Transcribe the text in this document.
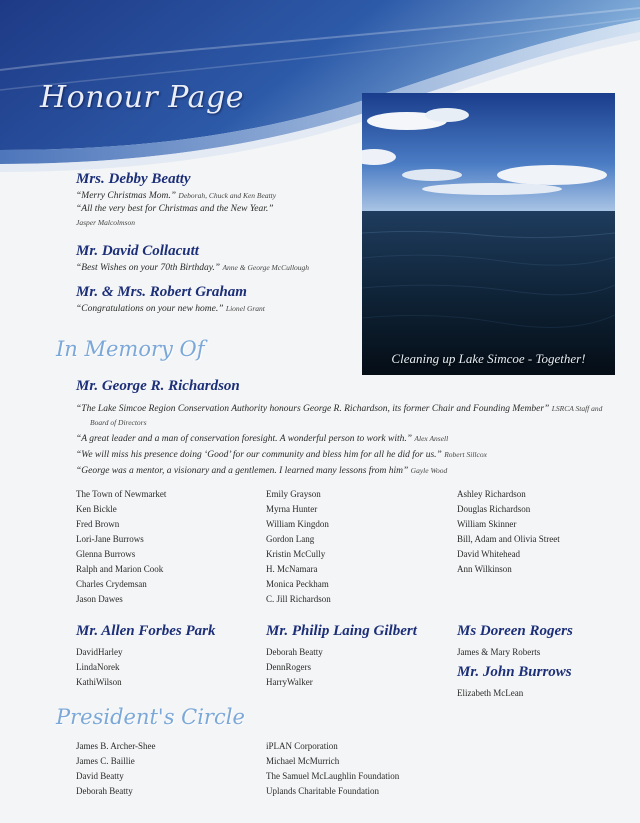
Honour Page
Cleaning up Lake Simcoe - Together!
Mrs. Debby Beatty

“Merry Christmas Mom.” Deborah, Chuck and Ken Beatty

“All the very best for Christmas and the New Year.”

Jasper Malcolmson

Mr. David Collacutt

“Best Wishes on your 70th Birthday.” Anne & George McCullough

Mr. & Mrs. Robert Graham

“Congratulations on your new home.” Lionel Grant

In Memory Of
Mr. George R. Richardson

“The Lake Simcoe Region Conservation Authority honours George R. Richardson, its former Chair and Founding Member” LSRCA Staff and Board of Directors

“A great leader and a man of conservation foresight. A wonderful person to work with.” Alex Ansell

“We will miss his presence doing ‘Good’ for our community and bless him for all he did for us.” Robert Sillcox

“George was a mentor, a visionary and a gentlemen. I learned many lessons from him” Gayle Wood

The Town of Newmarket
Ken Bickle
Fred Brown
Lori-Jane Burrows
Glenna Burrows
Ralph and Marion Cook
Charles Crydemsan
Jason Dawes
Emily Grayson
Myrna Hunter
William Kingdon
Gordon Lang
Kristin McCully
H. McNamara
Monica Peckham
C. Jill Richardson
Ashley Richardson
Douglas Richardson
William Skinner
Bill, Adam and Olivia Street
David Whitehead
Ann Wilkinson
Mr. Allen Forbes Park
DavidHarley
LindaNorek
KathiWilson
Mr. Philip Laing Gilbert
Deborah Beatty
DennRogers
HarryWalker
Ms Doreen Rogers
James & Mary Roberts
Mr. John Burrows
Elizabeth McLean
President's Circle
James B. Archer-Shee
James C. Baillie
David Beatty
Deborah Beatty
iPLAN Corporation
Michael McMurrich
The Samuel McLaughlin Foundation
Uplands Charitable Foundation
